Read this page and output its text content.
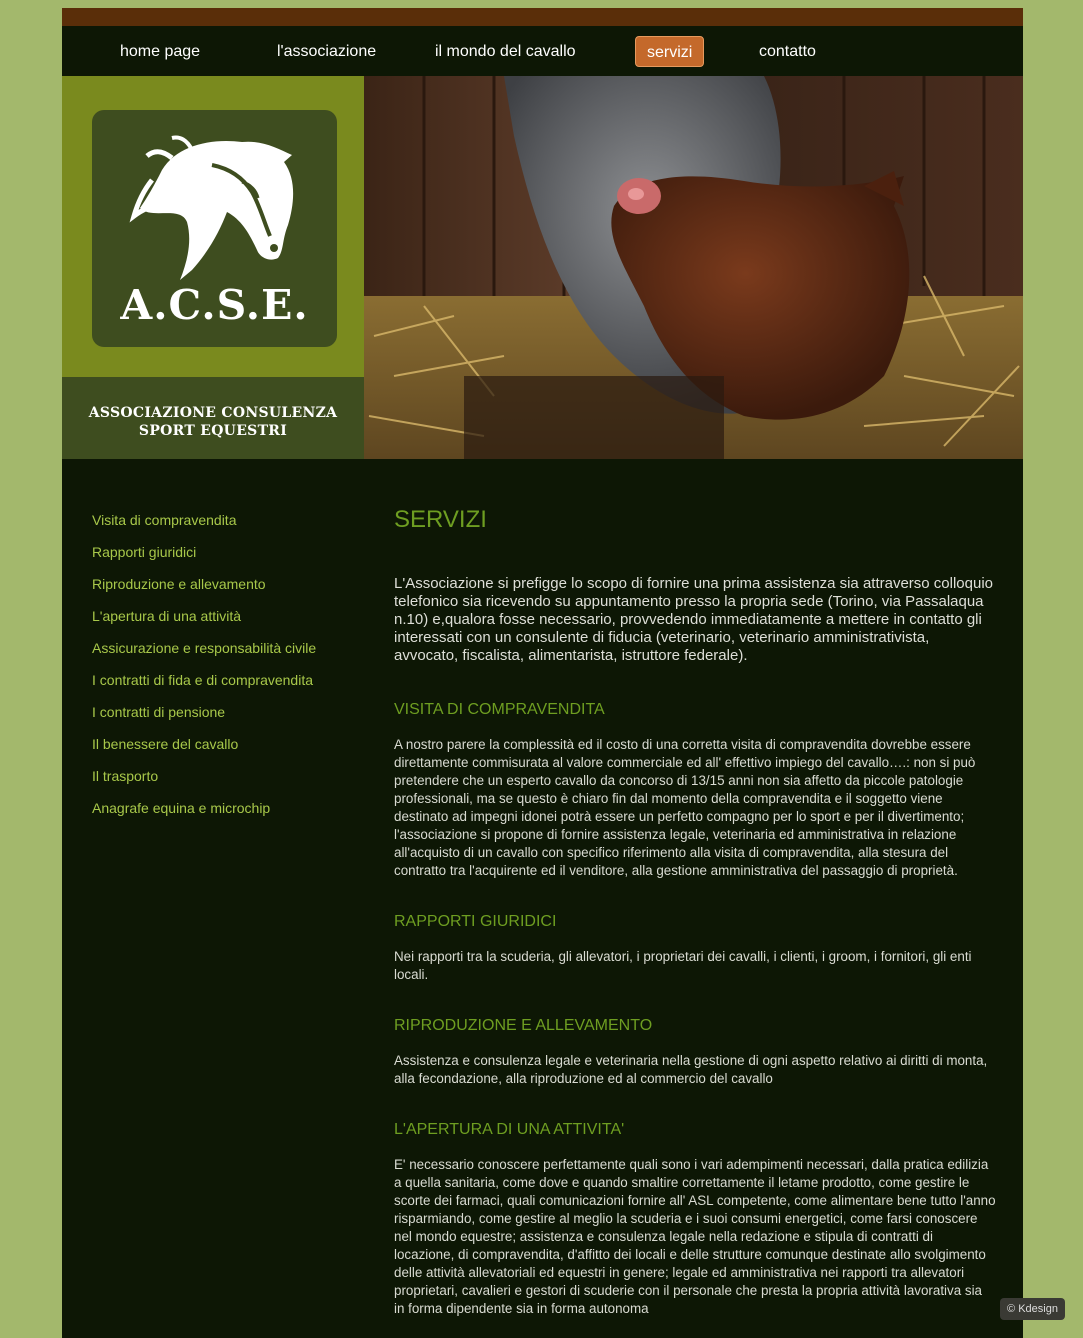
home page	l'associazione	il mondo del cavallo	servizi	contatto
A.C.S.E.
ASSOCIAZIONE CONSULENZA
SPORT EQUESTRI
Visita di compravendita
Rapporti giuridici
Riproduzione e allevamento
L'apertura di una attività
Assicurazione e responsabilità civile
I contratti di fida e di compravendita
I contratti di pensione
Il benessere del cavallo
Il trasporto
Anagrafe equina e microchip
SERVIZI
L'Associazione si prefigge lo scopo di fornire una prima assistenza sia attraverso colloquio telefonico sia ricevendo su appuntamento presso la propria sede (Torino, via Passalaqua n.10) e,qualora fosse necessario, provvedendo immediatamente a mettere in contatto gli interessati con un consulente di fiducia (veterinario, veterinario amministrativista, avvocato, fiscalista, alimentarista, istruttore federale).
VISITA DI COMPRAVENDITA

A nostro parere la complessità ed il costo di una corretta visita di compravendita dovrebbe essere direttamente commisurata al valore commerciale ed all' effettivo impiego del cavallo….: non si può pretendere che un esperto cavallo da concorso di 13/15 anni non sia affetto da piccole patologie professionali, ma se questo è chiaro fin dal momento della compravendita e il soggetto viene destinato ad impegni idonei potrà essere un perfetto compagno per lo sport e per il divertimento; l'associazione si propone di fornire assistenza legale, veterinaria ed amministrativa in relazione all'acquisto di un cavallo con specifico riferimento alla visita di compravendita, alla stesura del contratto tra l'acquirente ed il venditore, alla gestione amministrativa del passaggio di proprietà.

RAPPORTI GIURIDICI

Nei rapporti tra la scuderia, gli allevatori, i proprietari dei cavalli, i clienti, i groom, i fornitori, gli enti locali.

RIPRODUZIONE E ALLEVAMENTO

Assistenza e consulenza legale e veterinaria nella gestione di ogni aspetto relativo ai diritti di monta, alla fecondazione, alla riproduzione ed al commercio del cavallo

L'APERTURA DI UNA ATTIVITA'

E' necessario conoscere perfettamente quali sono i vari adempimenti necessari, dalla pratica edilizia a quella sanitaria, come dove e quando smaltire correttamente il letame prodotto, come gestire le scorte dei farmaci, quali comunicazioni fornire all' ASL competente, come alimentare bene tutto l'anno risparmiando, come gestire al meglio la scuderia e i suoi consumi energetici, come farsi conoscere nel mondo equestre; assistenza e consulenza legale nella redazione e stipula di contratti di locazione, di compravendita, d'affitto dei locali e delle strutture comunque destinate allo svolgimento delle attività allevatoriali ed equestri in genere; legale ed amministrativa nei rapporti tra allevatori proprietari, cavalieri e gestori di scuderie con il personale che presta la propria attività lavorativa sia in forma dipendente sia in forma autonoma	© Kdesign
